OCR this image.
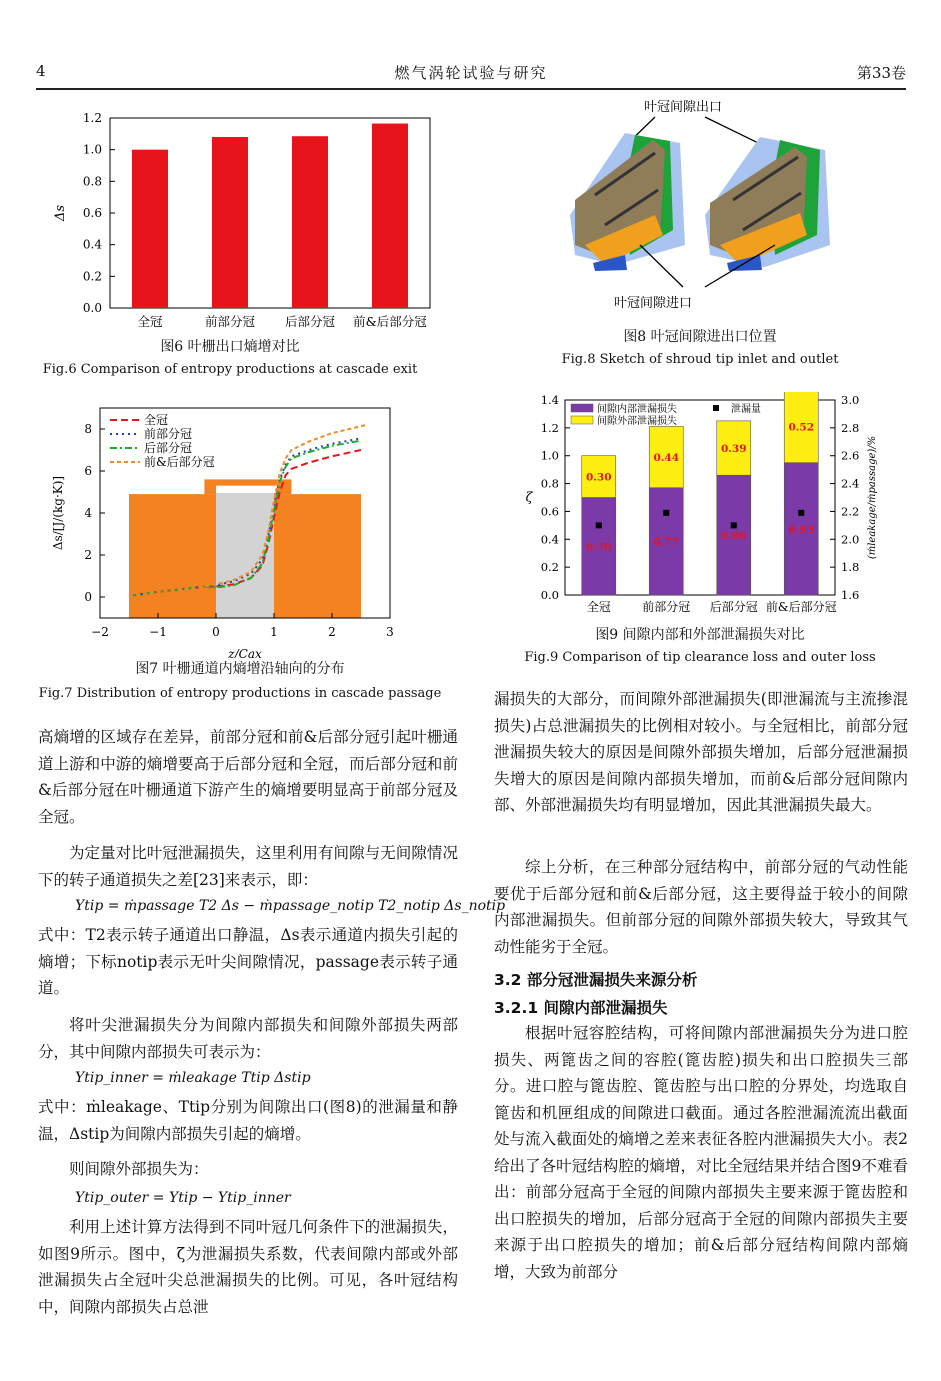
4	燃气涡轮试验与研究	第33卷
0.0
0.2
0.4
0.6
0.8
1.0
1.2
Δs
全冠	前部分冠 后部分冠 前&后部分冠
图6 叶栅出口熵增对比
Fig.6 Comparison of entropy productions at cascade exit
−2	−1	0	1	2	3
0
2
4
6
8
z/Cax
Δs/[J/(kg·K)]
全冠
前部分冠
后部分冠
前&后部分冠
图7 叶栅通道内熵增沿轴向的分布
Fig.7 Distribution of entropy productions in cascade passage
叶冠间隙出口
叶冠间隙进口
图8 叶冠间隙进出口位置
Fig.8 Sketch of shroud tip inlet and outlet
0.0
0.2
0.4
0.6
0.8
1.0
1.2
1.4
1.6
1.8
2.0
2.2
2.4
2.6
2.8
3.0
ζ	(ṁleakage/ṁpassage)/%
0.70
0.30
全冠
0.77
0.44
前部分冠
0.86
0.39
后部分冠
0.93
0.52
前&后部分冠
间隙内部泄漏损失
间隙外部泄漏损失
泄漏量
图9 间隙内部和外部泄漏损失对比
Fig.9 Comparison of tip clearance loss and outer loss

高熵增的区域存在差异，前部分冠和前&后部分冠引起叶栅通道上游和中游的熵增要高于后部分冠和全冠，而后部分冠和前&后部分冠在叶栅通道下游产生的熵增要明显高于前部分冠及全冠。

为定量对比叶冠泄漏损失，这里利用有间隙与无间隙情况下的转子通道损失之差[23]来表示，即：

Ytip = ṁpassage T2 Δs − ṁpassage_notip T2_notip Δs_notip

式中：T2表示转子通道出口静温，Δs表示通道内损失引起的熵增；下标notip表示无叶尖间隙情况，passage表示转子通道。

将叶尖泄漏损失分为间隙内部损失和间隙外部损失两部分，其中间隙内部损失可表示为：

Ytip_inner = ṁleakage Ttip Δstip

式中：ṁleakage、Ttip分别为间隙出口(图8)的泄漏量和静温，Δstip为间隙内部损失引起的熵增。

则间隙外部损失为：

Ytip_outer = Ytip − Ytip_inner

利用上述计算方法得到不同叶冠几何条件下的泄漏损失，如图9所示。图中，ζ为泄漏损失系数，代表间隙内部或外部泄漏损失占全冠叶尖总泄漏损失的比例。可见，各叶冠结构中，间隙内部损失占总泄

漏损失的大部分，而间隙外部泄漏损失(即泄漏流与主流掺混损失)占总泄漏损失的比例相对较小。与全冠相比，前部分冠泄漏损失较大的原因是间隙外部损失增加，后部分冠泄漏损失增大的原因是间隙内部损失增加，而前&后部分冠间隙内部、外部泄漏损失均有明显增加，因此其泄漏损失最大。

综上分析，在三种部分冠结构中，前部分冠的气动性能要优于后部分冠和前&后部分冠，这主要得益于较小的间隙内部泄漏损失。但前部分冠的间隙外部损失较大，导致其气动性能劣于全冠。

3.2 部分冠泄漏损失来源分析
3.2.1 间隙内部泄漏损失

根据叶冠容腔结构，可将间隙内部泄漏损失分为进口腔损失、两篦齿之间的容腔(篦齿腔)损失和出口腔损失三部分。进口腔与篦齿腔、篦齿腔与出口腔的分界处，均选取自篦齿和机匣组成的间隙进口截面。通过各腔泄漏流流出截面处与流入截面处的熵增之差来表征各腔内泄漏损失大小。表2给出了各叶冠结构腔的熵增，对比全冠结果并结合图9不难看出：前部分冠高于全冠的间隙内部损失主要来源于篦齿腔和出口腔损失的增加，后部分冠高于全冠的间隙内部损失主要来源于出口腔损失的增加；前&后部分冠结构间隙内部熵增，大致为前部分
